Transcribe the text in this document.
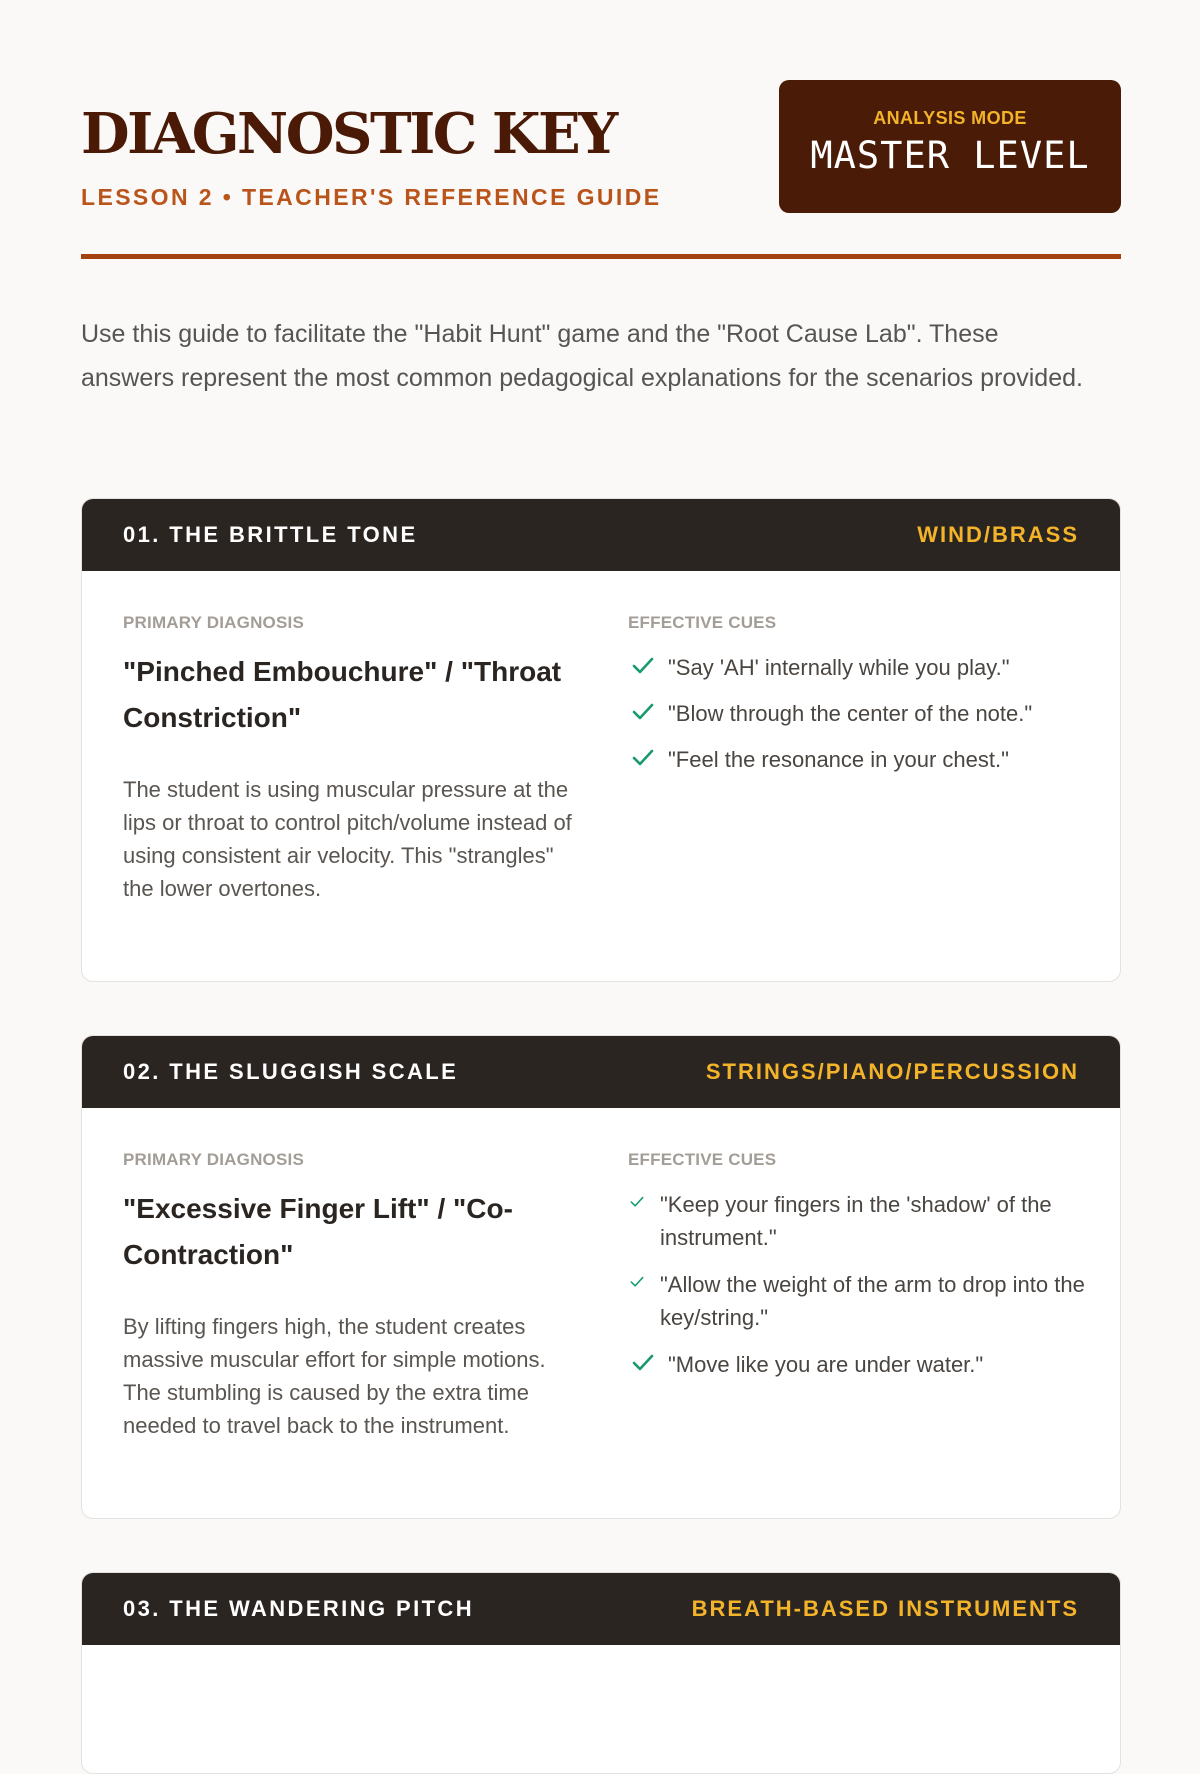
DIAGNOSTIC KEY
LESSON 2 • TEACHER'S REFERENCE GUIDE
ANALYSIS MODE
MASTER LEVEL

Use this guide to facilitate the "Habit Hunt" game and the "Root Cause Lab". These answers represent the most common pedagogical explanations for the scenarios provided.

01. THE BRITTLE TONE	WIND/BRASS
PRIMARY DIAGNOSIS
"Pinched Embouchure" / "Throat Constriction"
The student is using muscular pressure at the lips or throat to control pitch/volume instead of using consistent air velocity. This "strangles" the lower overtones.
EFFECTIVE CUES
"Say 'AH' internally while you play."
"Blow through the center of the note."
"Feel the resonance in your chest."
02. THE SLUGGISH SCALE	STRINGS/PIANO/PERCUSSION
PRIMARY DIAGNOSIS
"Excessive Finger Lift" / "Co-Contraction"
By lifting fingers high, the student creates massive muscular effort for simple motions. The stumbling is caused by the extra time needed to travel back to the instrument.
EFFECTIVE CUES
"Keep your fingers in the 'shadow' of the instrument."
"Allow the weight of the arm to drop into the key/string."
"Move like you are under water."
03. THE WANDERING PITCH	BREATH-BASED INSTRUMENTS
